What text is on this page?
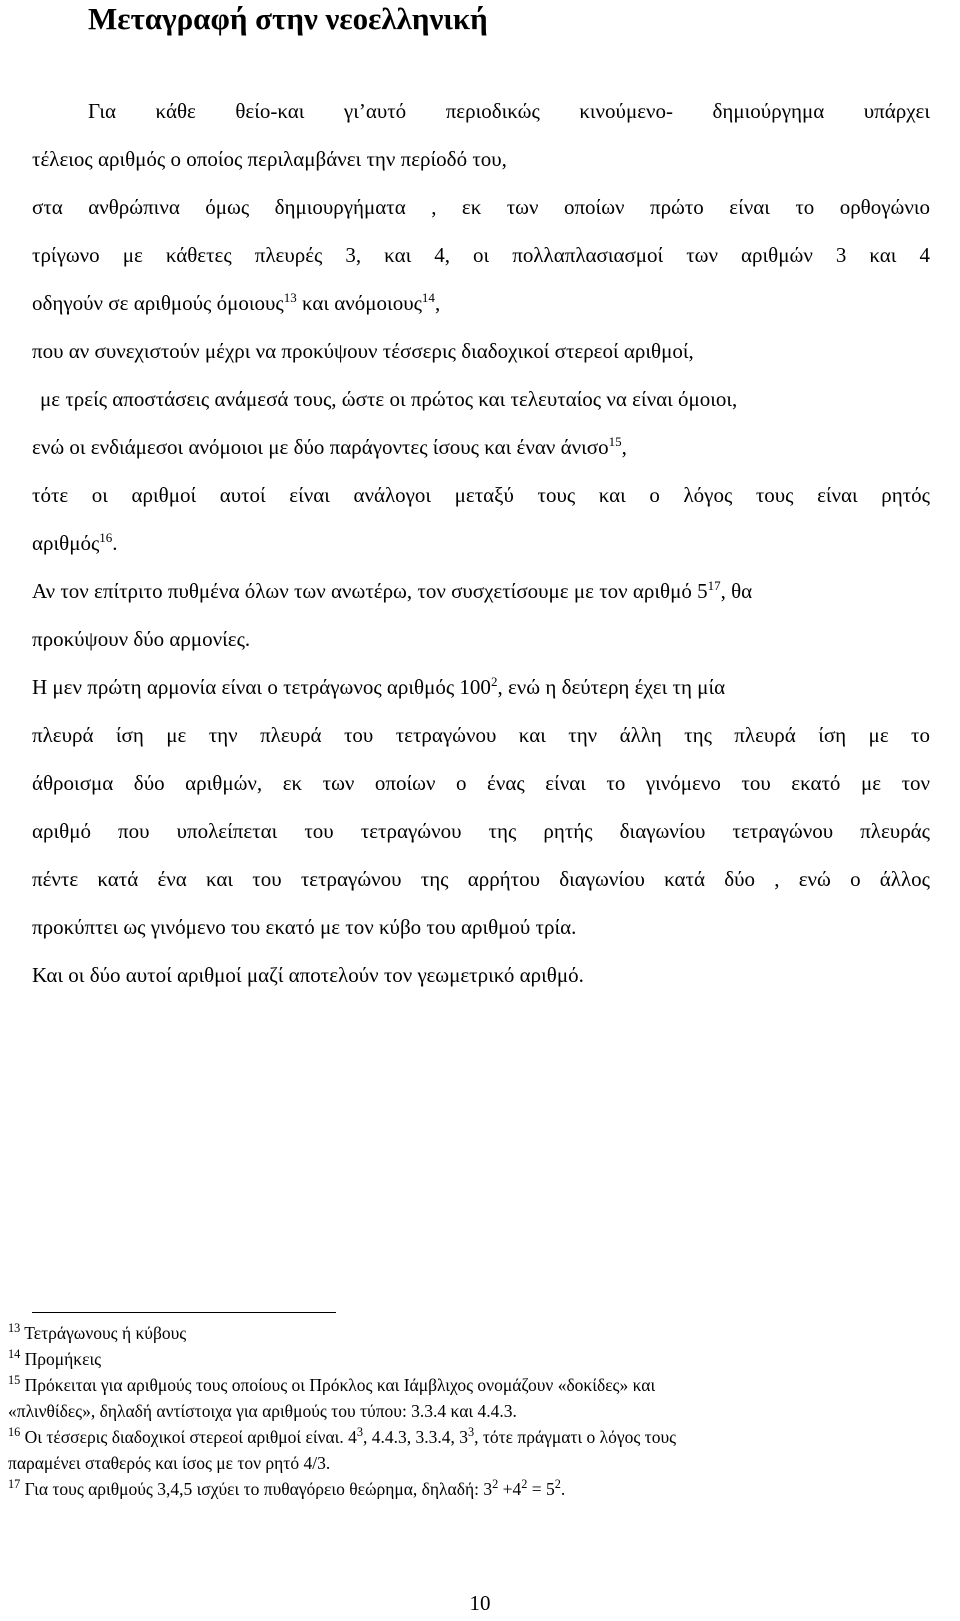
Μεταγραφή στην νεοελληνική

Για κάθε θείο-και γι’αυτό περιοδικώς κινούμενο- δημιούργημα υπάρχει

τέλειος αριθμός ο οποίος περιλαμβάνει την περίοδό του,

στα ανθρώπινα όμως δημιουργήματα , εκ των οποίων πρώτο είναι το ορθογώνιο

τρίγωνο με κάθετες πλευρές 3, και 4, οι πολλαπλασιασμοί των αριθμών 3 και 4

οδηγούν σε αριθμούς όμοιους$^{13}$ και ανόμοιους$^{14}$,

που αν συνεχιστούν μέχρι να προκύψουν τέσσερις διαδοχικοί στερεοί αριθμοί,

με τρείς αποστάσεις ανάμεσά τους, ώστε οι πρώτος και τελευταίος να είναι όμοιοι,

ενώ οι ενδιάμεσοι ανόμοιοι με δύο παράγοντες ίσους και έναν άνισο$^{15}$,

τότε οι αριθμοί αυτοί είναι ανάλογοι μεταξύ τους και ο λόγος τους είναι ρητός

αριθμός$^{16}$.

Αν τον επίτριτο πυθμένα όλων των ανωτέρω, τον συσχετίσουμε με τον αριθμό $5^{17}$, θα

προκύψουν δύο αρμονίες.

Η μεν πρώτη αρμονία είναι ο τετράγωνος αριθμός $100^2$, ενώ η δεύτερη έχει τη μία

πλευρά ίση με την πλευρά του τετραγώνου και την άλλη της πλευρά ίση με το

άθροισμα δύο αριθμών, εκ των οποίων ο ένας είναι το γινόμενο του εκατό με τον

αριθμό που υπολείπεται του τετραγώνου της ρητής διαγωνίου τετραγώνου πλευράς

πέντε κατά ένα και του τετραγώνου της αρρήτου διαγωνίου κατά δύο , ενώ ο άλλος

προκύπτει ως γινόμενο του εκατό με τον κύβο του αριθμού τρία.

Και οι δύο αυτοί αριθμοί μαζί αποτελούν τον γεωμετρικό αριθμό.

$^{13}$ Τετράγωνους ή κύβους

$^{14}$ Προμήκεις

$^{15}$ Πρόκειται για αριθμούς τους οποίους οι Πρόκλος και Ιάμβλιχος ονομάζουν «δοκίδες» και

«πλινθίδες», δηλαδή αντίστοιχα για αριθμούς του τύπου: 3.3.4 και 4.4.3.

$^{16}$ Οι τέσσερις διαδοχικοί στερεοί αριθμοί είναι. $4^3$, 4.4.3, 3.3.4, $3^3$, τότε πράγματι ο λόγος τους

παραμένει σταθερός και ίσος με τον ρητό 4/3.

$^{17}$ Για τους αριθμούς 3,4,5 ισχύει το πυθαγόρειο θεώρημα, δηλαδή: $3^2 +4^2 = 5^2$.

10
